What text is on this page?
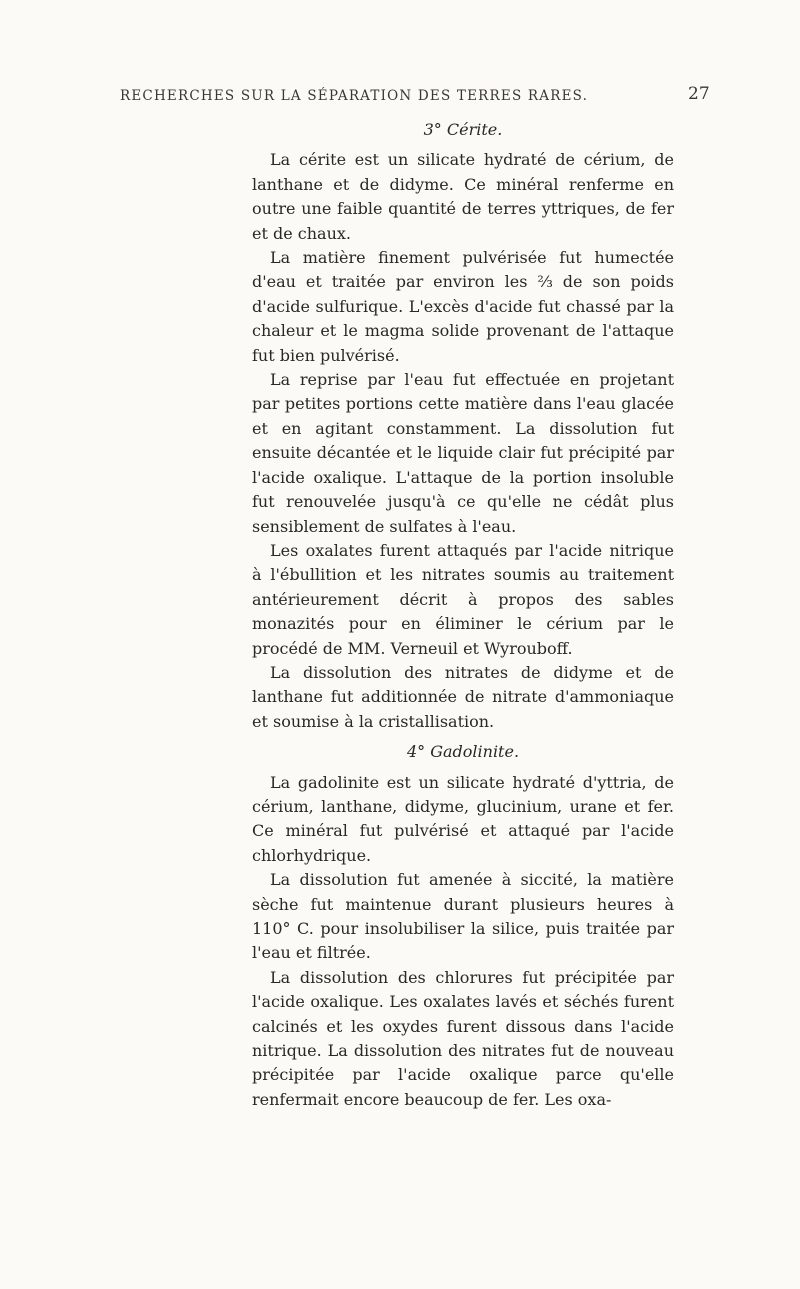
RECHERCHES SUR LA SÉPARATION DES TERRES RARES.	27

3° Cérite.

La cérite est un silicate hydraté de cérium, de lanthane et de didyme. Ce minéral renferme en outre une faible quantité de terres yttriques, de fer et de chaux.

La matière finement pulvérisée fut humectée d'eau et traitée par environ les ⅔ de son poids d'acide sulfurique. L'excès d'acide fut chassé par la chaleur et le magma solide provenant de l'attaque fut bien pulvérisé.

La reprise par l'eau fut effectuée en projetant par petites portions cette matière dans l'eau glacée et en agitant constamment. La dissolution fut ensuite décantée et le liquide clair fut précipité par l'acide oxalique. L'attaque de la portion insoluble fut renouvelée jusqu'à ce qu'elle ne cédât plus sensiblement de sulfates à l'eau.

Les oxalates furent attaqués par l'acide nitrique à l'ébullition et les nitrates soumis au traitement antérieurement décrit à propos des sables monazités pour en éliminer le cérium par le procédé de MM. Verneuil et Wyrouboff.

La dissolution des nitrates de didyme et de lanthane fut additionnée de nitrate d'ammoniaque et soumise à la cristallisation.

4° Gadolinite.

La gadolinite est un silicate hydraté d'yttria, de cérium, lanthane, didyme, glucinium, urane et fer. Ce minéral fut pulvérisé et attaqué par l'acide chlorhydrique.

La dissolution fut amenée à siccité, la matière sèche fut maintenue durant plusieurs heures à 110° C. pour insolubiliser la silice, puis traitée par l'eau et filtrée.

La dissolution des chlorures fut précipitée par l'acide oxalique. Les oxalates lavés et séchés furent calcinés et les oxydes furent dissous dans l'acide nitrique. La dissolution des nitrates fut de nouveau précipitée par l'acide oxalique parce qu'elle renfermait encore beaucoup de fer. Les oxa-
